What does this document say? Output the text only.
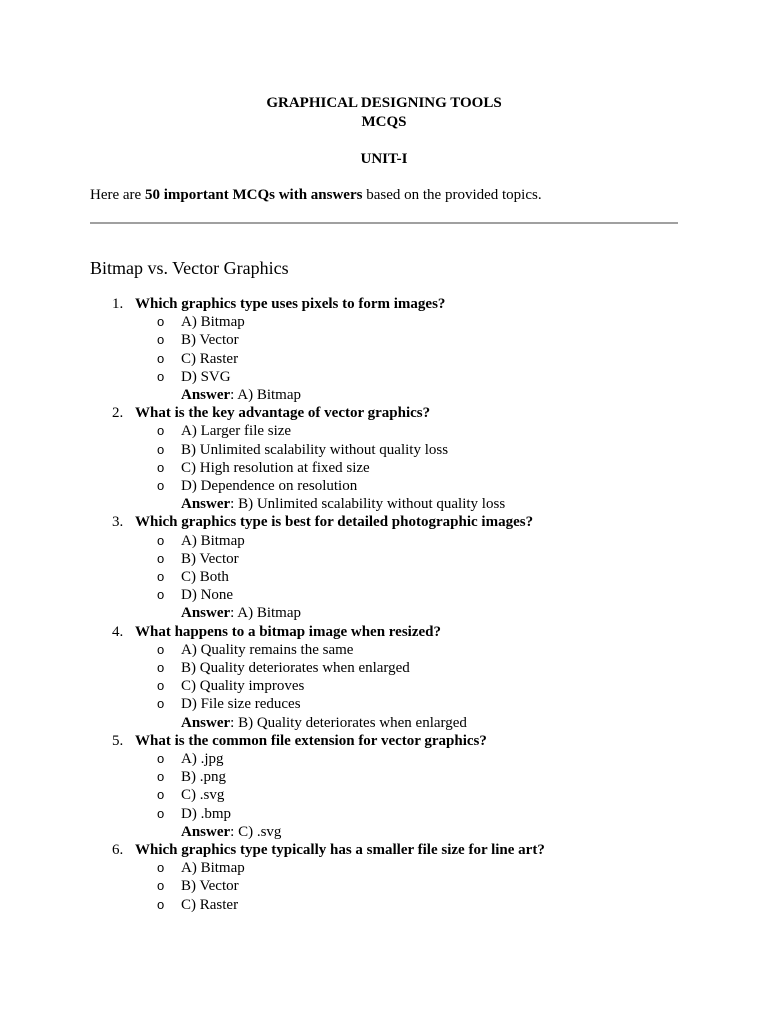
GRAPHICAL DESIGNING TOOLS
MCQS
UNIT-I
Here are 50 important MCQs with answers based on the provided topics.
Bitmap vs. Vector Graphics
1. Which graphics type uses pixels to form images?
o A) Bitmap
o B) Vector
o C) Raster
o D) SVG
Answer: A) Bitmap
2. What is the key advantage of vector graphics?
o A) Larger file size
o B) Unlimited scalability without quality loss
o C) High resolution at fixed size
o D) Dependence on resolution
Answer: B) Unlimited scalability without quality loss
3. Which graphics type is best for detailed photographic images?
o A) Bitmap
o B) Vector
o C) Both
o D) None
Answer: A) Bitmap
4. What happens to a bitmap image when resized?
o A) Quality remains the same
o B) Quality deteriorates when enlarged
o C) Quality improves
o D) File size reduces
Answer: B) Quality deteriorates when enlarged
5. What is the common file extension for vector graphics?
o A) .jpg
o B) .png
o C) .svg
o D) .bmp
Answer: C) .svg
6. Which graphics type typically has a smaller file size for line art?
o A) Bitmap
o B) Vector
o C) Raster
